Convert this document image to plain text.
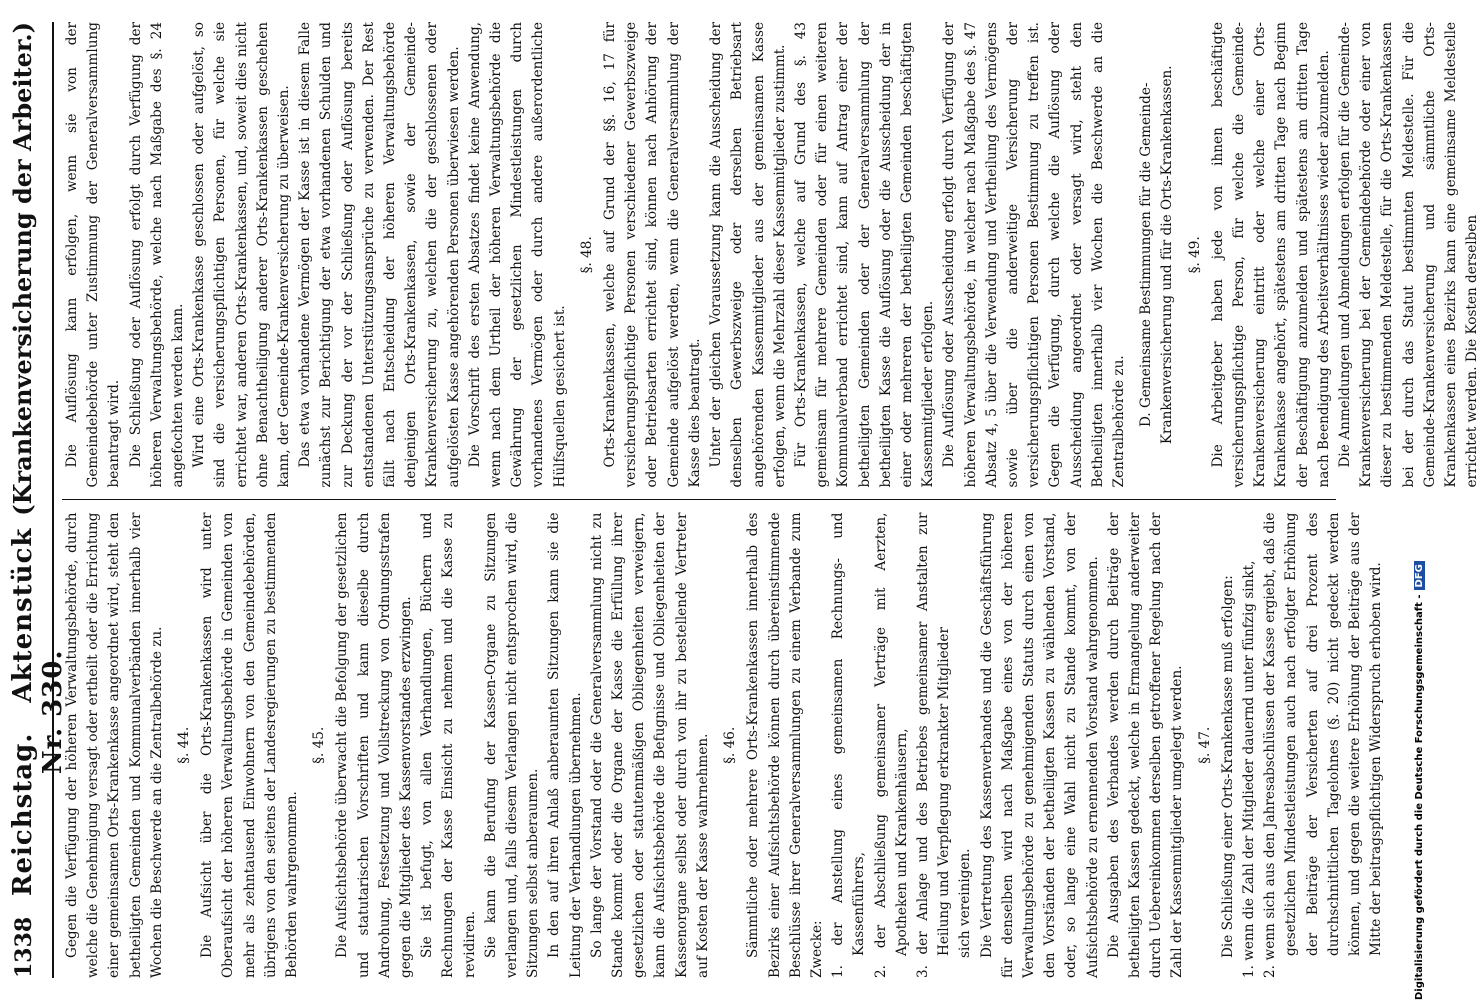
1338
Reichstag.Aktenstück Nr. 330.
(Krankenversicherung der Arbeiter.)

Gegen die Verfügung der höheren Verwaltungsbehörde, durch welche die Genehmigung versagt oder ertheilt oder die Errichtung einer gemeinsamen Orts-Krankenkasse angeordnet wird, steht den betheiligten Gemeinden und Kommunalverbänden innerhalb vier Wochen die Beschwerde an die Zentralbehörde zu. §. 44. Die Aufsicht über die Orts-Krankenkassen wird unter Oberaufsicht der höheren Verwaltungsbehörde in Gemeinden von mehr als zehntausend Einwohnern von den Gemeindebehörden, übrigens von den seitens der Landesregierungen zu bestimmenden Behörden wahrgenommen.

§. 45. Die Aufsichtsbehörde überwacht die Befolgung der gesetzlichen und statutarischen Vorschriften und kann dieselbe durch Androhung, Festsetzung und Vollstreckung von Ordnungsstrafen gegen die Mitglieder des Kassenvorstandes erzwingen. Sie ist befugt, von allen Verhandlungen, Büchern und Rechnungen der Kasse Einsicht zu nehmen und die Kasse zu revidiren. Sie kann die Berufung der Kassen-Organe zu Sitzungen verlangen und, falls diesem Verlangen nicht entsprochen wird, die Sitzungen selbst anberaumen. In den auf ihren Anlaß anberaumten Sitzungen kann sie die Leitung der Verhandlungen übernehmen. So lange der Vorstand oder die Generalversammlung nicht zu Stande kommt oder die Organe der Kasse die Erfüllung ihrer gesetzlichen oder statutenmäßigen Obliegenheiten verweigern, kann die Aufsichtsbehörde die Befugnisse und Obliegenheiten der Kassenorgane selbst oder durch von ihr zu bestellende Vertreter auf Kosten der Kasse wahrnehmen. §. 46. Sämmtliche oder mehrere Orts-Krankenkassen innerhalb des Bezirks einer Aufsichtsbehörde können durch übereinstimmende Beschlüsse ihrer Generalversammlungen zu einem Verbande zum Zwecke: 1. der Anstellung eines gemeinsamen Rechnungs- und Kassenführers, 2. der Abschließung gemeinsamer Verträge mit Aerzten, Apotheken und Krankenhäusern, 3. der Anlage und des Betriebes gemeinsamer Anstalten zur Heilung und Verpflegung erkrankter Mitglieder sich vereinigen. Die Vertretung des Kassenverbandes und die Geschäftsführung für denselben wird nach Maßgabe eines von der höheren Verwaltungsbehörde zu genehmigenden Statuts durch einen von den Vorständen der betheiligten Kassen zu wählenden Vorstand, oder, so lange eine Wahl nicht zu Stande kommt, von der Aufsichtsbehörde zu ernennenden Vorstand wahrgenommen. Die Ausgaben des Verbandes werden durch Beiträge der betheiligten Kassen gedeckt, welche in Ermangelung anderweiter durch Uebereinkommen derselben getroffener Regelung nach der Zahl der Kassenmitglieder umgelegt werden. §. 47. Die Schließung einer Orts-Krankenkasse muß erfolgen: 1. wenn die Zahl der Mitglieder dauernd unter fünfzig sinkt, 2. wenn sich aus den Jahresabschlüssen der Kasse ergiebt, daß die gesetzlichen Mindestleistungen auch nach erfolgter Erhöhung der Beiträge der Versicherten auf drei Prozent des durchschnittlichen Tagelohnes (§. 20) nicht gedeckt werden können, und gegen die weitere Erhöhung der Beiträge aus der Mitte der beitragspflichtigen Widerspruch erhoben wird.

Die Auflösung kann erfolgen, wenn sie von der Gemeindebehörde unter Zustimmung der Generalversammlung beantragt wird. Die Schließung oder Auflösung erfolgt durch Verfügung der höheren Verwaltungsbehörde, welche nach Maßgabe des §. 24 angefochten werden kann. Wird eine Orts-Krankenkasse geschlossen oder aufgelöst, so sind die versicherungspflichtigen Personen, für welche sie errichtet war, anderen Orts-Krankenkassen, und, soweit dies nicht ohne Benachtheiligung anderer Orts-Krankenkassen geschehen kann, der Gemeinde-Krankenversicherung zu überweisen. Das etwa vorhandene Vermögen der Kasse ist in diesem Falle zunächst zur Berichtigung der etwa vorhandenen Schulden und zur Deckung der vor der Schließung oder Auflösung bereits entstandenen Unterstützungsansprüche zu verwenden. Der Rest fällt nach Entscheidung der höheren Verwaltungsbehörde denjenigen Orts-Krankenkassen, sowie der Gemeinde-Krankenversicherung zu, welchen die der geschlossenen oder aufgelösten Kasse angehörenden Personen überwiesen werden. Die Vorschrift des ersten Absatzes findet keine Anwendung, wenn nach dem Urtheil der höheren Verwaltungsbehörde die Gewährung der gesetzlichen Mindestleistungen durch vorhandenes Vermögen oder durch andere außerordentliche Hülfsquellen gesichert ist.

§. 48. Orts-Krankenkassen, welche auf Grund der §§. 16, 17 für versicherungspflichtige Personen verschiedener Gewerbszweige oder Betriebsarten errichtet sind, können nach Anhörung der Gemeinde aufgelöst werden, wenn die Generalversammlung der Kasse dies beantragt. Unter der gleichen Voraussetzung kann die Ausscheidung der denselben Gewerbszweige oder derselben Betriebsart angehörenden Kassenmitglieder aus der gemeinsamen Kasse erfolgen, wenn die Mehrzahl dieser Kassenmitglieder zustimmt. Für Orts-Krankenkassen, welche auf Grund des §. 43 gemeinsam für mehrere Gemeinden oder für einen weiteren Kommunalverband errichtet sind, kann auf Antrag einer der betheiligten Gemeinden oder der Generalversammlung der betheiligten Kasse die Auflösung oder die Ausscheidung der in einer oder mehreren der betheiligten Gemeinden beschäftigten Kassenmitglieder erfolgen. Die Auflösung oder Ausscheidung erfolgt durch Verfügung der höheren Verwaltungsbehörde, in welcher nach Maßgabe des §. 47 Absatz 4, 5 über die Verwendung und Vertheilung des Vermögens sowie über die anderweitige Versicherung der versicherungspflichtigen Personen Bestimmung zu treffen ist. Gegen die Verfügung, durch welche die Auflösung oder Ausscheidung angeordnet oder versagt wird, steht den Betheiligten innerhalb vier Wochen die Beschwerde an die Zentralbehörde zu. D. Gemeinsame Bestimmungen für die Gemeinde-Krankenversicherung und für die Orts-Krankenkassen. §. 49. Die Arbeitgeber haben jede von ihnen beschäftigte versicherungspflichtige Person, für welche die Gemeinde-Krankenversicherung eintritt oder welche einer Orts-Krankenkasse angehört, spätestens am dritten Tage nach Beginn der Beschäftigung anzumelden und spätestens am dritten Tage nach Beendigung des Arbeitsverhältnisses wieder abzumelden. Die Anmeldungen und Abmeldungen erfolgen für die Gemeinde-Krankenversicherung bei der Gemeindebehörde oder einer von dieser zu bestimmenden Meldestelle, für die Orts-Krankenkassen bei der durch das Statut bestimmten Meldestelle. Für die Gemeinde-Krankenversicherung und sämmtliche Orts-Krankenkassen eines Bezirks kann eine gemeinsame Meldestelle errichtet werden. Die Kosten derselben

Digitalisierung gefördert durch die Deutsche Forschungsgemeinschaft -DFG
